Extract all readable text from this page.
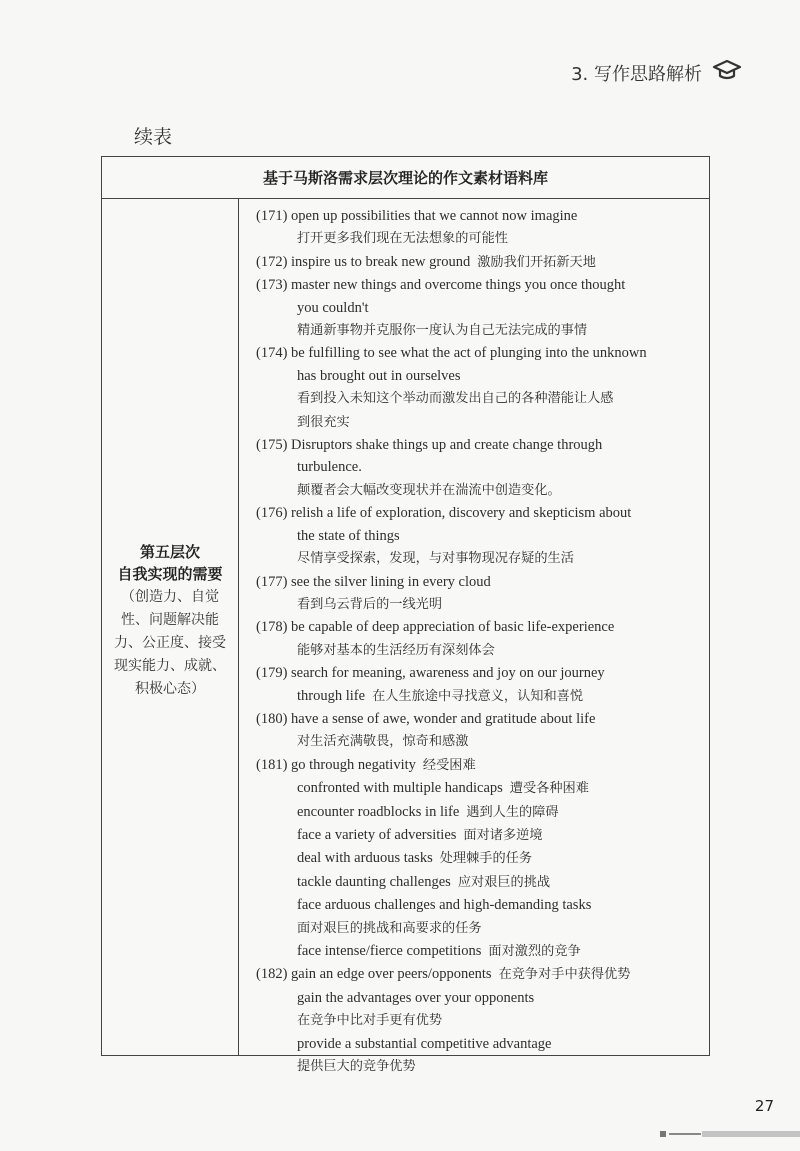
3. 写作思路解析
续表
基于马斯洛需求层次理论的作文素材语料库
第五层次
自我实现的需要
（创造力、自觉性、问题解决能力、公正度、接受现实能力、成就、积极心态）
(171) open up possibilities that we cannot now imagine
打开更多我们现在无法想象的可能性
(172) inspire us to break new ground 激励我们开拓新天地
(173) master new things and overcome things you once thought
you couldn't
精通新事物并克服你一度认为自己无法完成的事情
(174) be fulfilling to see what the act of plunging into the unknown
has brought out in ourselves
看到投入未知这个举动而激发出自己的各种潜能让人感
到很充实
(175) Disruptors shake things up and create change through
turbulence.
颠覆者会大幅改变现状并在湍流中创造变化。
(176) relish a life of exploration, discovery and skepticism about
the state of things
尽情享受探索，发现，与对事物现况存疑的生活
(177) see the silver lining in every cloud
看到乌云背后的一线光明
(178) be capable of deep appreciation of basic life-experience
能够对基本的生活经历有深刻体会
(179) search for meaning, awareness and joy on our journey
through life 在人生旅途中寻找意义，认知和喜悦
(180) have a sense of awe, wonder and gratitude about life
对生活充满敬畏，惊奇和感激
(181) go through negativity 经受困难
confronted with multiple handicaps 遭受各种困难
encounter roadblocks in life 遇到人生的障碍
face a variety of adversities 面对诸多逆境
deal with arduous tasks 处理棘手的任务
tackle daunting challenges 应对艰巨的挑战
face arduous challenges and high-demanding tasks
面对艰巨的挑战和高要求的任务
face intense/fierce competitions 面对激烈的竞争
(182) gain an edge over peers/opponents 在竞争对手中获得优势
gain the advantages over your opponents
在竞争中比对手更有优势
provide a substantial competitive advantage
提供巨大的竞争优势
27
